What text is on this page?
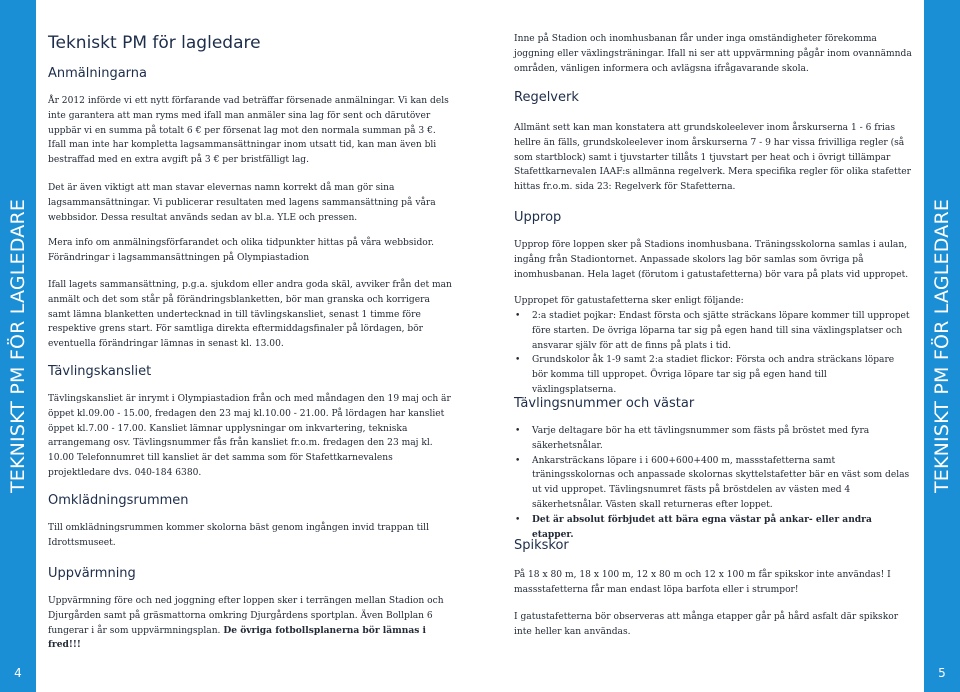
TEKNISKT PM FÖR LAGLEDARE
4
TEKNISKT PM FÖR LAGLEDARE
5
Tekniskt PM för lagledare
Anmälningarna

År 2012 införde vi ett nytt förfarande vad beträffar försenade anmälningar. Vi kan dels inte garantera att man ryms med ifall man anmäler sina lag för sent och därutöver uppbär vi en summa på totalt 6 € per försenat lag mot den normala summan på 3 €. Ifall man inte har kompletta lagsammansättningar inom utsatt tid, kan man även bli bestraffad med en extra avgift på 3 € per bristfälligt lag.

Det är även viktigt att man stavar elevernas namn korrekt då man gör sina lagsammansättningar. Vi publicerar resultaten med lagens sammansättning på våra webbsidor. Dessa resultat används sedan av bl.a. YLE och pressen.

Mera info om anmälningsförfarandet och olika tidpunkter hittas på våra webbsidor. Förändringar i lagsammansättningen på Olympiastadion

Ifall lagets sammansättning, p.g.a. sjukdom eller andra goda skäl, avviker från det man anmält och det som står på förändringsblanketten, bör man granska och korrigera samt lämna blanketten undertecknad in till tävlingskansliet, senast 1 timme före respektive grens start. För samtliga direkta eftermiddagsfinaler på lördagen, bör eventuella förändringar lämnas in senast kl. 13.00.

Tävlingskansliet

Tävlingskansliet är inrymt i Olympiastadion från och med måndagen den 19 maj och är öppet kl.09.00 - 15.00, fredagen den 23 maj kl.10.00 - 21.00. På lördagen har kansliet öppet kl.7.00 - 17.00. Kansliet lämnar upplysningar om inkvartering, tekniska arrangemang osv. Tävlingsnummer fås från kansliet fr.o.m. fredagen den 23 maj kl. 10.00 Telefonnumret till kansliet är det samma som för Stafettkarnevalens projektledare dvs. 040-184 6380.

Omklädningsrummen

Till omklädningsrummen kommer skolorna bäst genom ingången invid trappan till Idrottsmuseet.

Uppvärmning

Uppvärmning före och ned joggning efter loppen sker i terrängen mellan Stadion och Djurgården samt på gräsmattorna omkring Djurgårdens sportplan. Även Bollplan 6 fungerar i år som uppvärmningsplan. De övriga fotbollsplanerna bör lämnas i fred!!!

Inne på Stadion och inomhusbanan får under inga omständigheter förekomma joggning eller växlingsträningar. Ifall ni ser att uppvärmning pågår inom ovannämnda områden, vänligen informera och avlägsna ifrågavarande skola.

Regelverk

Allmänt sett kan man konstatera att grundskoleelever inom årskurserna 1 - 6 frias hellre än fälls, grundskoleelever inom årskurserna 7 - 9 har vissa frivilliga regler (så som startblock) samt i tjuvstarter tillåts 1 tjuvstart per heat och i övrigt tillämpar Stafettkarnevalen IAAF:s allmänna regelverk. Mera specifika regler för olika stafetter hittas fr.o.m. sida 23: Regelverk för Stafetterna.

Upprop

Upprop före loppen sker på Stadions inomhusbana. Träningsskolorna samlas i aulan, ingång från Stadiontornet. Anpassade skolors lag bör samlas som övriga på inomhusbanan. Hela laget (förutom i gatustafetterna) bör vara på plats vid uppropet.

Uppropet för gatustafetterna sker enligt följande:

• 2:a stadiet pojkar: Endast första och sjätte sträckans löpare kommer till uppropet före starten. De övriga löparna tar sig på egen hand till sina växlingsplatser och ansvarar själv för att de finns på plats i tid.
• Grundskolor åk 1-9 samt 2:a stadiet flickor: Första och andra sträckans löpare bör komma till uppropet. Övriga löpare tar sig på egen hand till växlingsplatserna.
Tävlingsnummer och västar
• Varje deltagare bör ha ett tävlingsnummer som fästs på bröstet med fyra säkerhetsnålar.
• Ankarsträckans löpare i i 600+600+400 m, massstafetterna samt träningsskolornas och anpassade skolornas skyttelstafetter bär en väst som delas ut vid uppropet. Tävlingsnumret fästs på bröstdelen av västen med 4 säkerhetsnålar. Västen skall returneras efter loppet.
• Det är absolut förbjudet att bära egna västar på ankar- eller andra etapper.
Spikskor

På 18 x 80 m, 18 x 100 m, 12 x 80 m och 12 x 100 m får spikskor inte användas! I massstafetterna får man endast löpa barfota eller i strumpor!

I gatustafetterna bör observeras att många etapper går på hård asfalt där spikskor inte heller kan användas.
